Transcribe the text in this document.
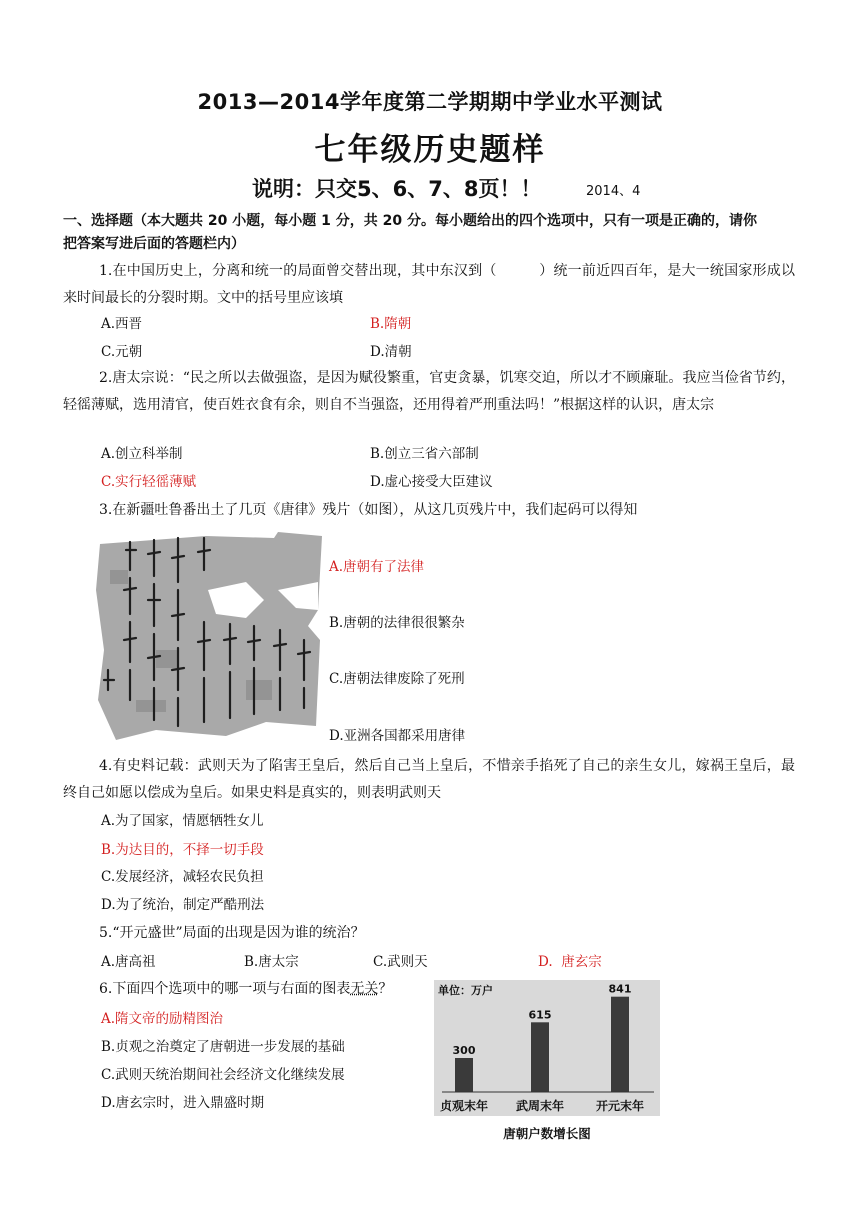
2013—2014学年度第二学期期中学业水平测试
七年级历史题样
说明：只交5、6、7、8页！！	2014、4
一、选择题（本大题共 20 小题，每小题 1 分，共 20 分。每小题给出的四个选项中，只有一项是正确的，请你
把答案写进后面的答题栏内）
1.在中国历史上，分离和统一的局面曾交替出现，其中东汉到（　　　）统一前近四百年，是大一统国家形成以来时间最长的分裂时期。文中的括号里应该填
A.西晋	B.隋朝
C.元朝	D.清朝
2.唐太宗说：“民之所以去做强盗，是因为赋役繁重，官吏贪暴，饥寒交迫，所以才不顾廉耻。我应当俭省节约，轻徭薄赋，选用清官，使百姓衣食有余，则自不当强盗，还用得着严刑重法吗！”根据这样的认识，唐太宗
A.创立科举制	B.创立三省六部制
C.实行轻徭薄赋	D.虚心接受大臣建议
3.在新疆吐鲁番出土了几页《唐律》残片（如图），从这几页残片中，我们起码可以得知
A.唐朝有了法律
B.唐朝的法律很很繁杂
C.唐朝法律废除了死刑
D.亚洲各国都采用唐律
4.有史料记载：武则天为了陷害王皇后，然后自己当上皇后，不惜亲手掐死了自己的亲生女儿，嫁祸王皇后，最终自己如愿以偿成为皇后。如果史料是真实的，则表明武则天
A.为了国家，情愿牺牲女儿
B.为达目的，不择一切手段
C.发展经济，减轻农民负担
D.为了统治，制定严酷刑法
5.“开元盛世”局面的出现是因为谁的统治？
A.唐高祖	B.唐太宗	C.武则天	D.  唐玄宗
6.下面四个选项中的哪一项与右面的图表无关？
A.隋文帝的励精图治
B.贞观之治奠定了唐朝进一步发展的基础
C.武则天统治期间社会经济文化继续发展
D.唐玄宗时，进入鼎盛时期
单位：万户
300
贞观末年
615
武周末年
841
开元末年
唐朝户数增长图
